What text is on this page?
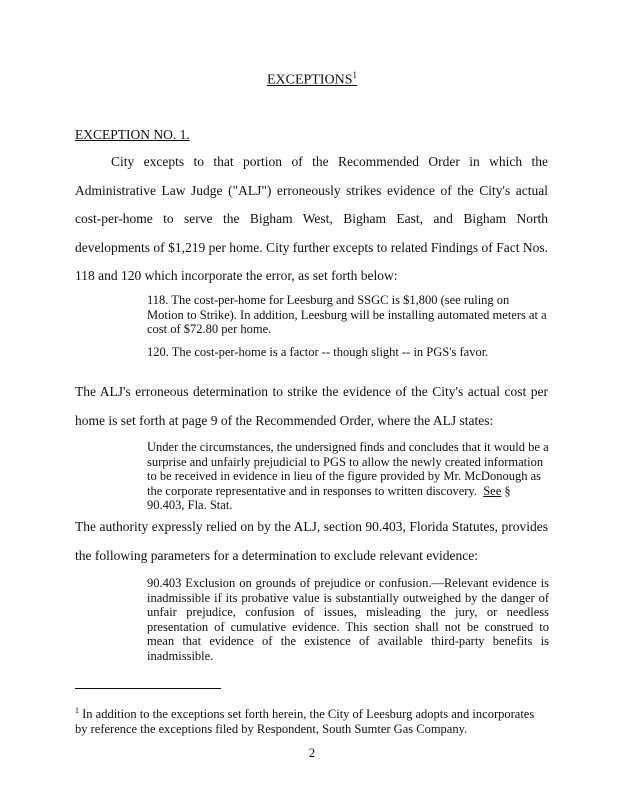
EXCEPTIONS$^1$
EXCEPTION NO. 1.

City excepts to that portion of the Recommended Order in which the Administrative Law Judge ("ALJ") erroneously strikes evidence of the City's actual cost-per-home to serve the Bigham West, Bigham East, and Bigham North developments of $1,219 per home. City further excepts to related Findings of Fact Nos. 118 and 120 which incorporate the error, as set forth below:

118. The cost-per-home for Leesburg and SSGC is $1,800 (see ruling on Motion to Strike). In addition, Leesburg will be installing automated meters at a cost of $72.80 per home.

120. The cost-per-home is a factor -- though slight -- in PGS's favor.

The ALJ's erroneous determination to strike the evidence of the City's actual cost per home is set forth at page 9 of the Recommended Order, where the ALJ states:

Under the circumstances, the undersigned finds and concludes that it would be a surprise and unfairly prejudicial to PGS to allow the newly created information to be received in evidence in lieu of the figure provided by Mr. McDonough as the corporate representative and in responses to written discovery. See § 90.403, Fla. Stat.

The authority expressly relied on by the ALJ, section 90.403, Florida Statutes, provides the following parameters for a determination to exclude relevant evidence:

90.403 Exclusion on grounds of prejudice or confusion.—Relevant evidence is inadmissible if its probative value is substantially outweighed by the danger of unfair prejudice, confusion of issues, misleading the jury, or needless presentation of cumulative evidence. This section shall not be construed to mean that evidence of the existence of available third-party benefits is inadmissible.

$^1$ In addition to the exceptions set forth herein, the City of Leesburg adopts and incorporates by reference the exceptions filed by Respondent, South Sumter Gas Company.
2
